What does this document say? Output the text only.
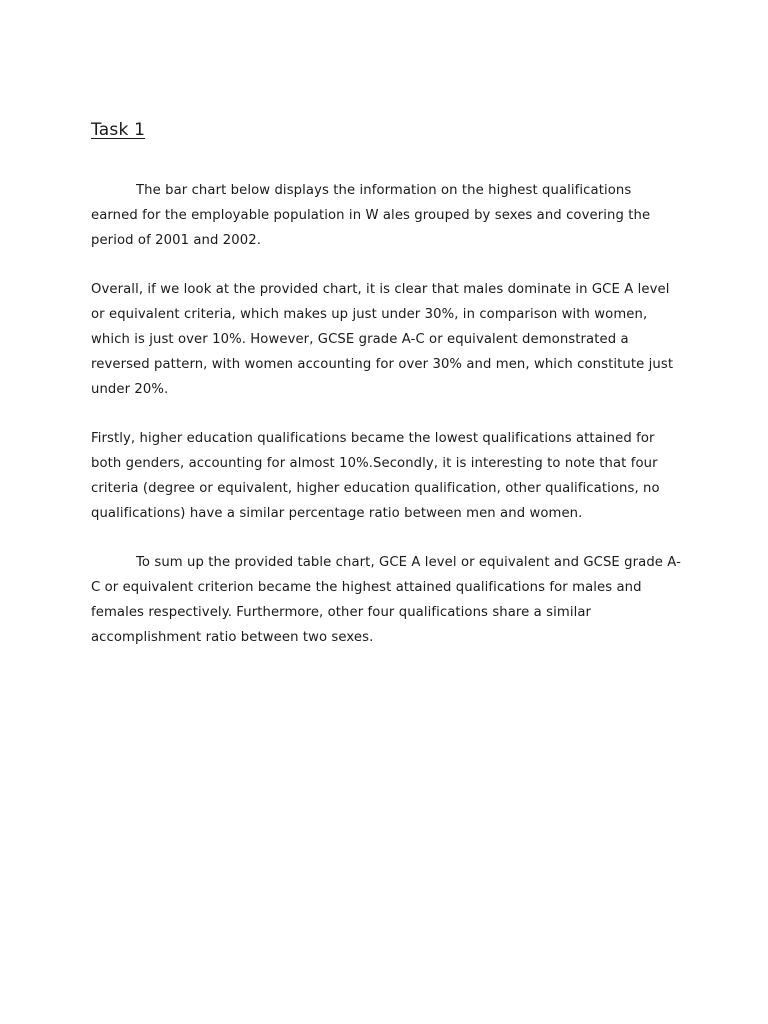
Task 1

The bar chart below displays the information on the highest qualifications earned for the employable population in W ales grouped by sexes and covering the period of 2001 and 2002.

Overall, if we look at the provided chart, it is clear that males dominate in GCE A level or equivalent criteria, which makes up just under 30%, in comparison with women, which is just over 10%. However, GCSE grade A-C or equivalent demonstrated a reversed pattern, with women accounting for over 30% and men, which constitute just under 20%.

Firstly, higher education qualifications became the lowest qualifications attained for both genders, accounting for almost 10%.Secondly, it is interesting to note that four criteria (degree or equivalent, higher education qualification, other qualifications, no qualifications) have a similar percentage ratio between men and women.

To sum up the provided table chart, GCE A level or equivalent and GCSE grade A-C or equivalent criterion became the highest attained qualifications for males and females respectively. Furthermore, other four qualifications share a similar accomplishment ratio between two sexes.
